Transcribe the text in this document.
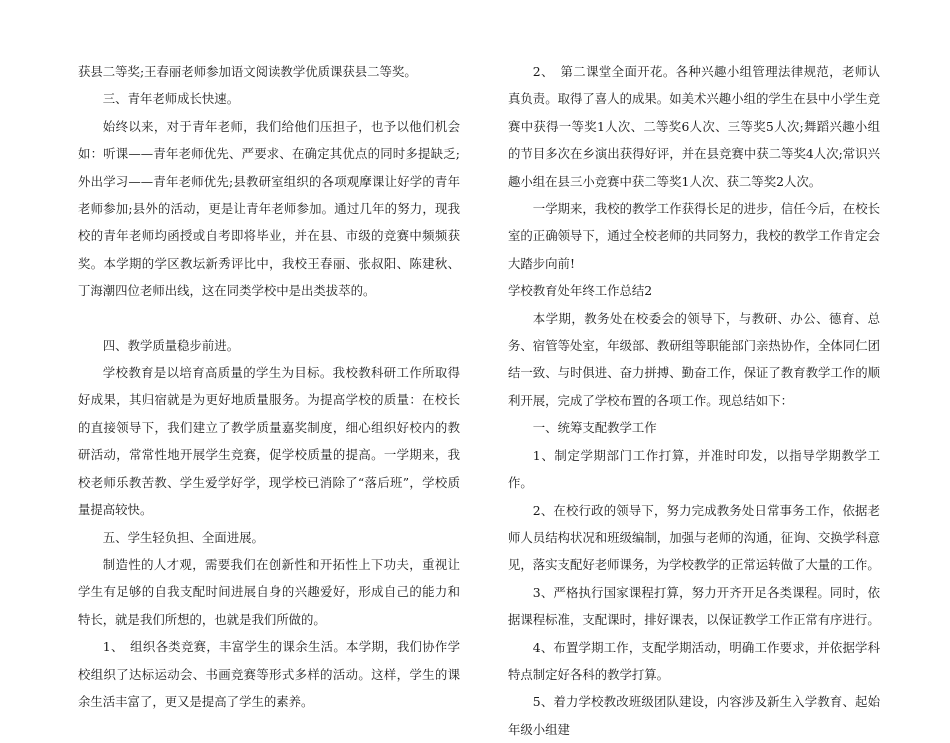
获县二等奖;王春丽老师参加语文阅读教学优质课获县二等奖。

三、青年老师成长快速。

始终以来，对于青年老师，我们给他们压担子，也予以他们机会如：听课——青年老师优先、严要求、在确定其优点的同时多提缺乏;外出学习——青年老师优先;县教研室组织的各项观摩课让好学的青年老师参加;县外的活动，更是让青年老师参加。通过几年的努力，现我校的青年老师均函授或自考即将毕业，并在县、市级的竞赛中频频获奖。本学期的学区教坛新秀评比中，我校王春丽、张叔阳、陈建秋、丁海潮四位老师出线，这在同类学校中是出类拔萃的。

四、教学质量稳步前进。

学校教育是以培育高质量的学生为目标。我校教科研工作所取得好成果，其归宿就是为更好地质量服务。为提高学校的质量：在校长的直接领导下，我们建立了教学质量嘉奖制度，细心组织好校内的教研活动，常常性地开展学生竞赛，促学校质量的提高。一学期来，我校老师乐教苦教、学生爱学好学，现学校已消除了“落后班”，学校质量提高较快。

五、学生轻负担、全面进展。

制造性的人才观，需要我们在创新性和开拓性上下功夫，重视让学生有足够的自我支配时间进展自身的兴趣爱好，形成自己的能力和特长，就是我们所想的，也就是我们所做的。

1、　组织各类竞赛，丰富学生的课余生活。本学期，我们协作学校组织了达标运动会、书画竞赛等形式多样的活动。这样，学生的课余生活丰富了，更又是提高了学生的素养。

2、　第二课堂全面开花。各种兴趣小组管理法律规范，老师认真负责。取得了喜人的成果。如美术兴趣小组的学生在县中小学生竞赛中获得一等奖1人次、二等奖6人次、三等奖5人次;舞蹈兴趣小组的节目多次在乡演出获得好评，并在县竞赛中获二等奖4人次;常识兴趣小组在县三小竞赛中获二等奖1人次、获二等奖2人次。

一学期来，我校的教学工作获得长足的进步，信任今后，在校长室的正确领导下，通过全校老师的共同努力，我校的教学工作肯定会大踏步向前!

学校教育处年终工作总结2

本学期，教务处在校委会的领导下，与教研、办公、德育、总务、宿管等处室，年级部、教研组等职能部门亲热协作，全体同仁团结一致、与时俱进、奋力拼搏、勤奋工作，保证了教育教学工作的顺利开展，完成了学校布置的各项工作。现总结如下：

一、统筹支配教学工作

1、制定学期部门工作打算，并准时印发，以指导学期教学工作。

2、在校行政的领导下，努力完成教务处日常事务工作，依据老师人员结构状况和班级编制，加强与老师的沟通，征询、交换学科意见，落实支配好老师课务，为学校教学的正常运转做了大量的工作。

3、严格执行国家课程打算，努力开齐开足各类课程。同时，依据课程标准，支配课时，排好课表，以保证教学工作正常有序进行。

4、布置学期工作，支配学期活动，明确工作要求，并依据学科特点制定好各科的教学打算。

5、着力学校教改班级团队建设，内容涉及新生入学教育、起始年级小组建
